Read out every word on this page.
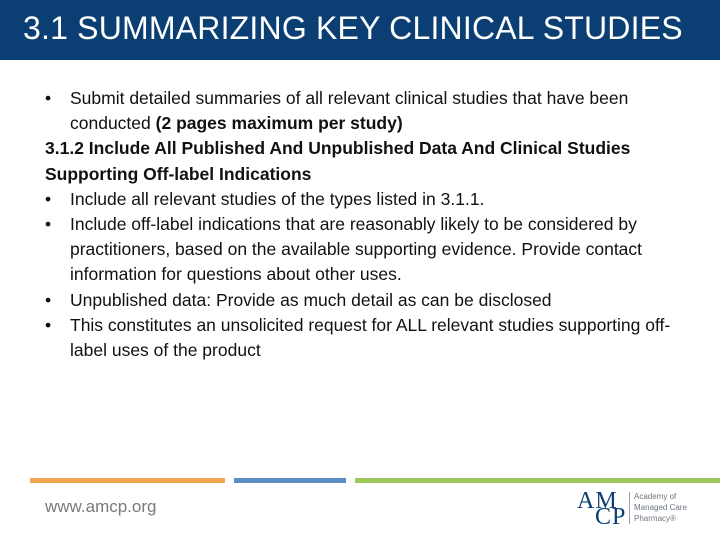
3.1 SUMMARIZING KEY CLINICAL STUDIES
• Submit detailed summaries of all relevant clinical studies that have been conducted (2 pages maximum per study)
3.1.2 Include All Published And Unpublished Data And Clinical Studies Supporting Off-label Indications
• Include all relevant studies of the types listed in 3.1.1.
• Include off-label indications that are reasonably likely to be considered by practitioners, based on the available supporting evidence. Provide contact information for questions about other uses.
• Unpublished data: Provide as much detail as can be disclosed
• This constitutes an unsolicited request for ALL relevant studies supporting off-label uses of the product
www.amcp.org	AM
CP
Academy of
Managed Care
Pharmacy®
